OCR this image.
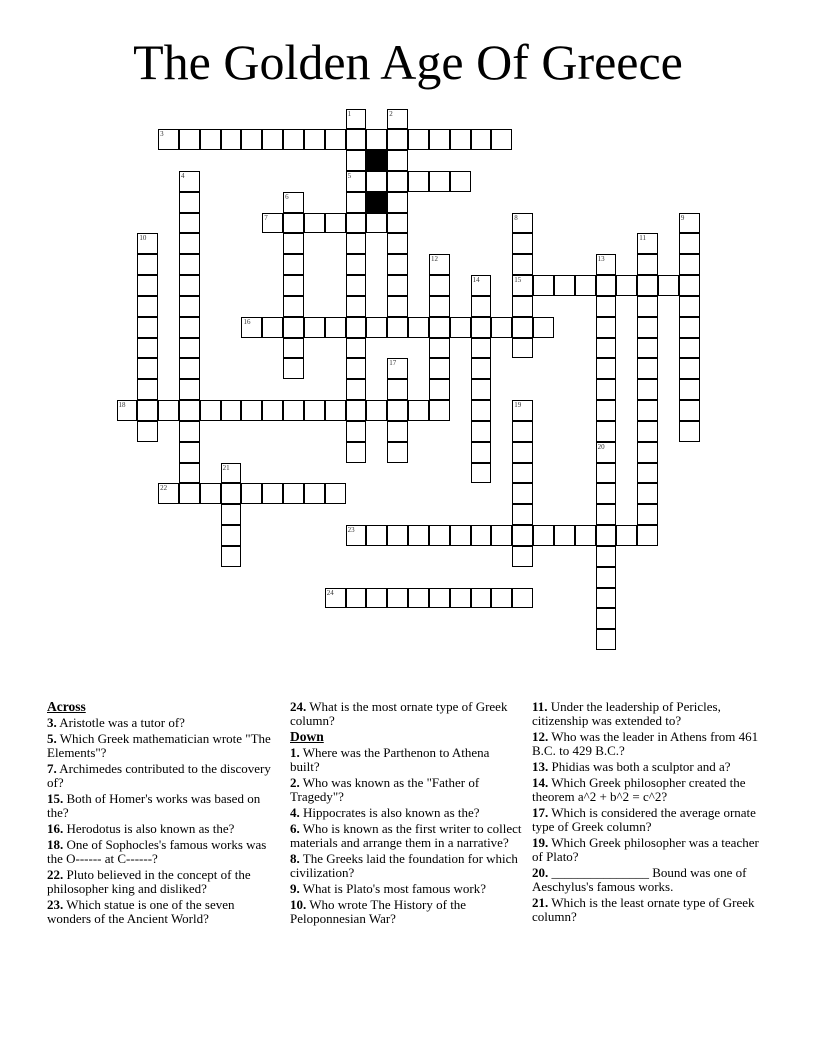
The Golden Age Of Greece
3
5
7
15
16
18
22
23
24
1	2
4
6
8	9
10	11
12	13
14
17
19
20
21
Across
3. Aristotle was a tutor of?
5. Which Greek mathematician wrote "The Elements"?
7. Archimedes contributed to the discovery of?
15. Both of Homer's works was based on the?
16. Herodotus is also known as the?
18. One of Sophocles's famous works was the O------ at C------?
22. Pluto believed in the concept of the philosopher king and disliked?
23. Which statue is one of the seven wonders of the Ancient World?
24. What is the most ornate type of Greek column?
Down
1. Where was the Parthenon to Athena built?
2. Who was known as the "Father of Tragedy"?
4. Hippocrates is also known as the?
6. Who is known as the first writer to collect materials and arrange them in a narrative?
8. The Greeks laid the foundation for which civilization?
9. What is Plato's most famous work?
10. Who wrote The History of the Peloponnesian War?
11. Under the leadership of Pericles, citizenship was extended to?
12. Who was the leader in Athens from 461 B.C. to 429 B.C.?
13. Phidias was both a sculptor and a?
14. Which Greek philosopher created the theorem a^2 + b^2 = c^2?
17. Which is considered the average ornate type of Greek column?
19. Which Greek philosopher was a teacher of Plato?
20. _______________ Bound was one of Aeschylus's famous works.
21. Which is the least ornate type of Greek column?
